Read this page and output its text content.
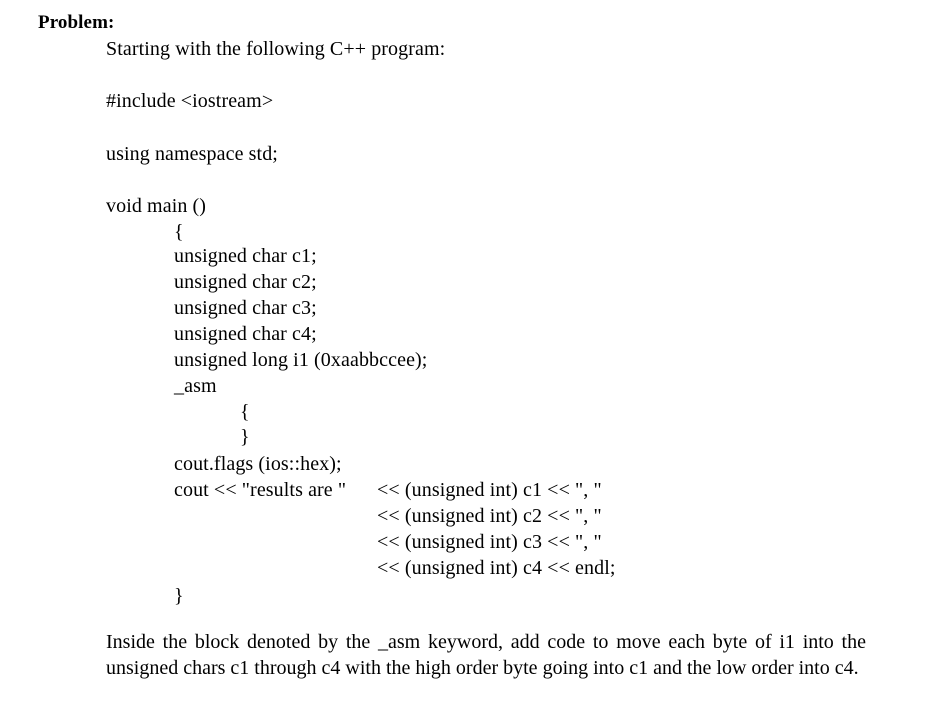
Problem:
Starting with the following C++ program:
#include <iostream>
using namespace std;
void main ()
{
unsigned char c1;
unsigned char c2;
unsigned char c3;
unsigned char c4;
unsigned long i1 (0xaabbccee);
_asm
{
}
cout.flags (ios::hex);
cout << "results are " << (unsigned int) c1 << ", "
<< (unsigned int) c2 << ", "
<< (unsigned int) c3 << ", "
<< (unsigned int) c4 << endl;
}
Inside the block denoted by the _asm keyword, add code to move each byte of i1 into the unsigned chars c1 through c4 with the high order byte going into c1 and the low order into c4.
